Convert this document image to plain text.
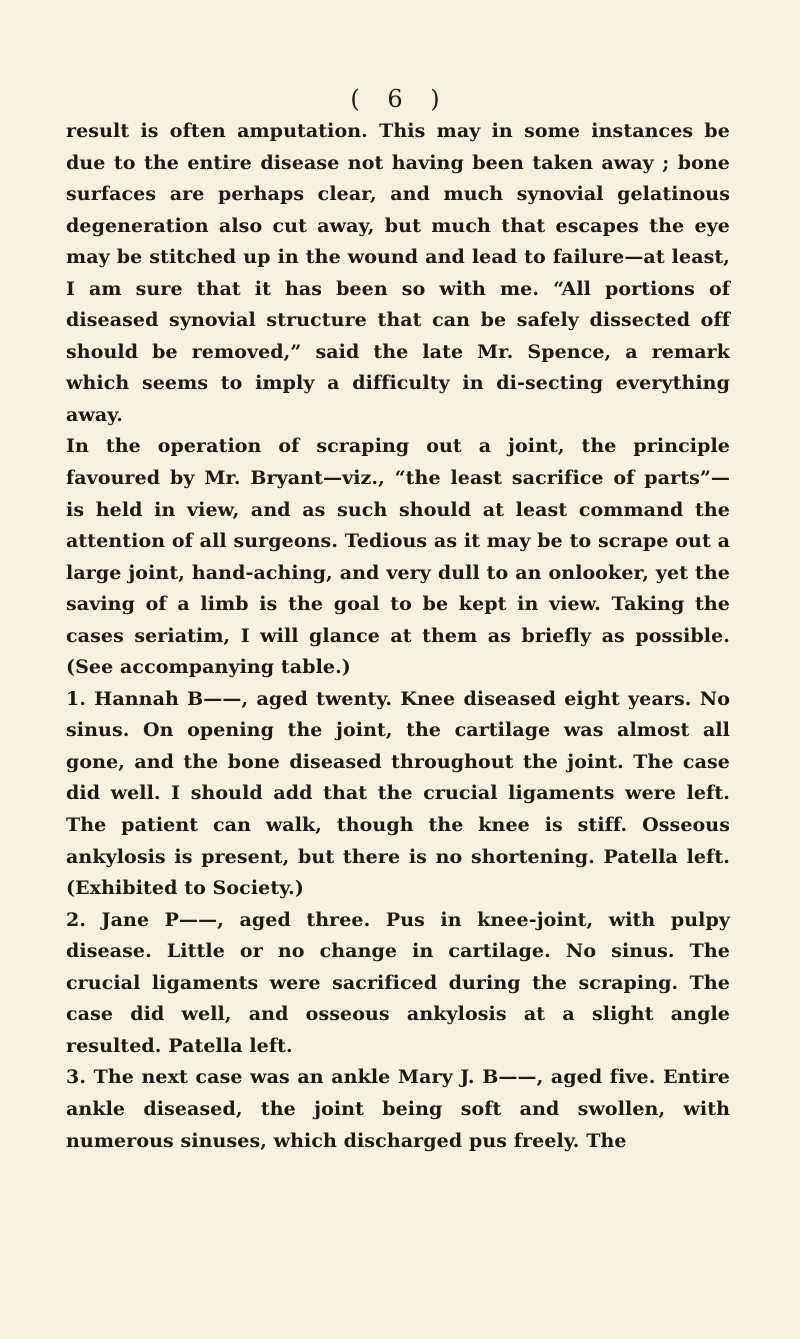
( 6 )

result is often amputation. This may in some instances be due to the entire disease not having been taken away ; bone surfaces are perhaps clear, and much synovial gelatinous degeneration also cut away, but much that escapes the eye may be stitched up in the wound and lead to failure—at least, I am sure that it has been so with me. “All portions of diseased synovial structure that can be safely dissected off should be removed,” said the late Mr. Spence, a remark which seems to imply a difficulty in di-secting everything away.

In the operation of scraping out a joint, the principle favoured by Mr. Bryant—viz., “the least sacrifice of parts”— is held in view, and as such should at least command the attention of all surgeons. Tedious as it may be to scrape out a large joint, hand-aching, and very dull to an onlooker, yet the saving of a limb is the goal to be kept in view. Taking the cases seriatim, I will glance at them as briefly as possible. (See accompanying table.)

1. Hannah B——, aged twenty. Knee diseased eight years. No sinus. On opening the joint, the cartilage was almost all gone, and the bone diseased throughout the joint. The case did well. I should add that the crucial ligaments were left. The patient can walk, though the knee is stiff. Osseous ankylosis is present, but there is no shortening. Patella left. (Exhibited to Society.)

2. Jane P——, aged three. Pus in knee-joint, with pulpy disease. Little or no change in cartilage. No sinus. The crucial ligaments were sacrificed during the scraping. The case did well, and osseous ankylosis at a slight angle resulted. Patella left.

3. The next case was an ankle Mary J. B——, aged five. Entire ankle diseased, the joint being soft and swollen, with numerous sinuses, which discharged pus freely. The
